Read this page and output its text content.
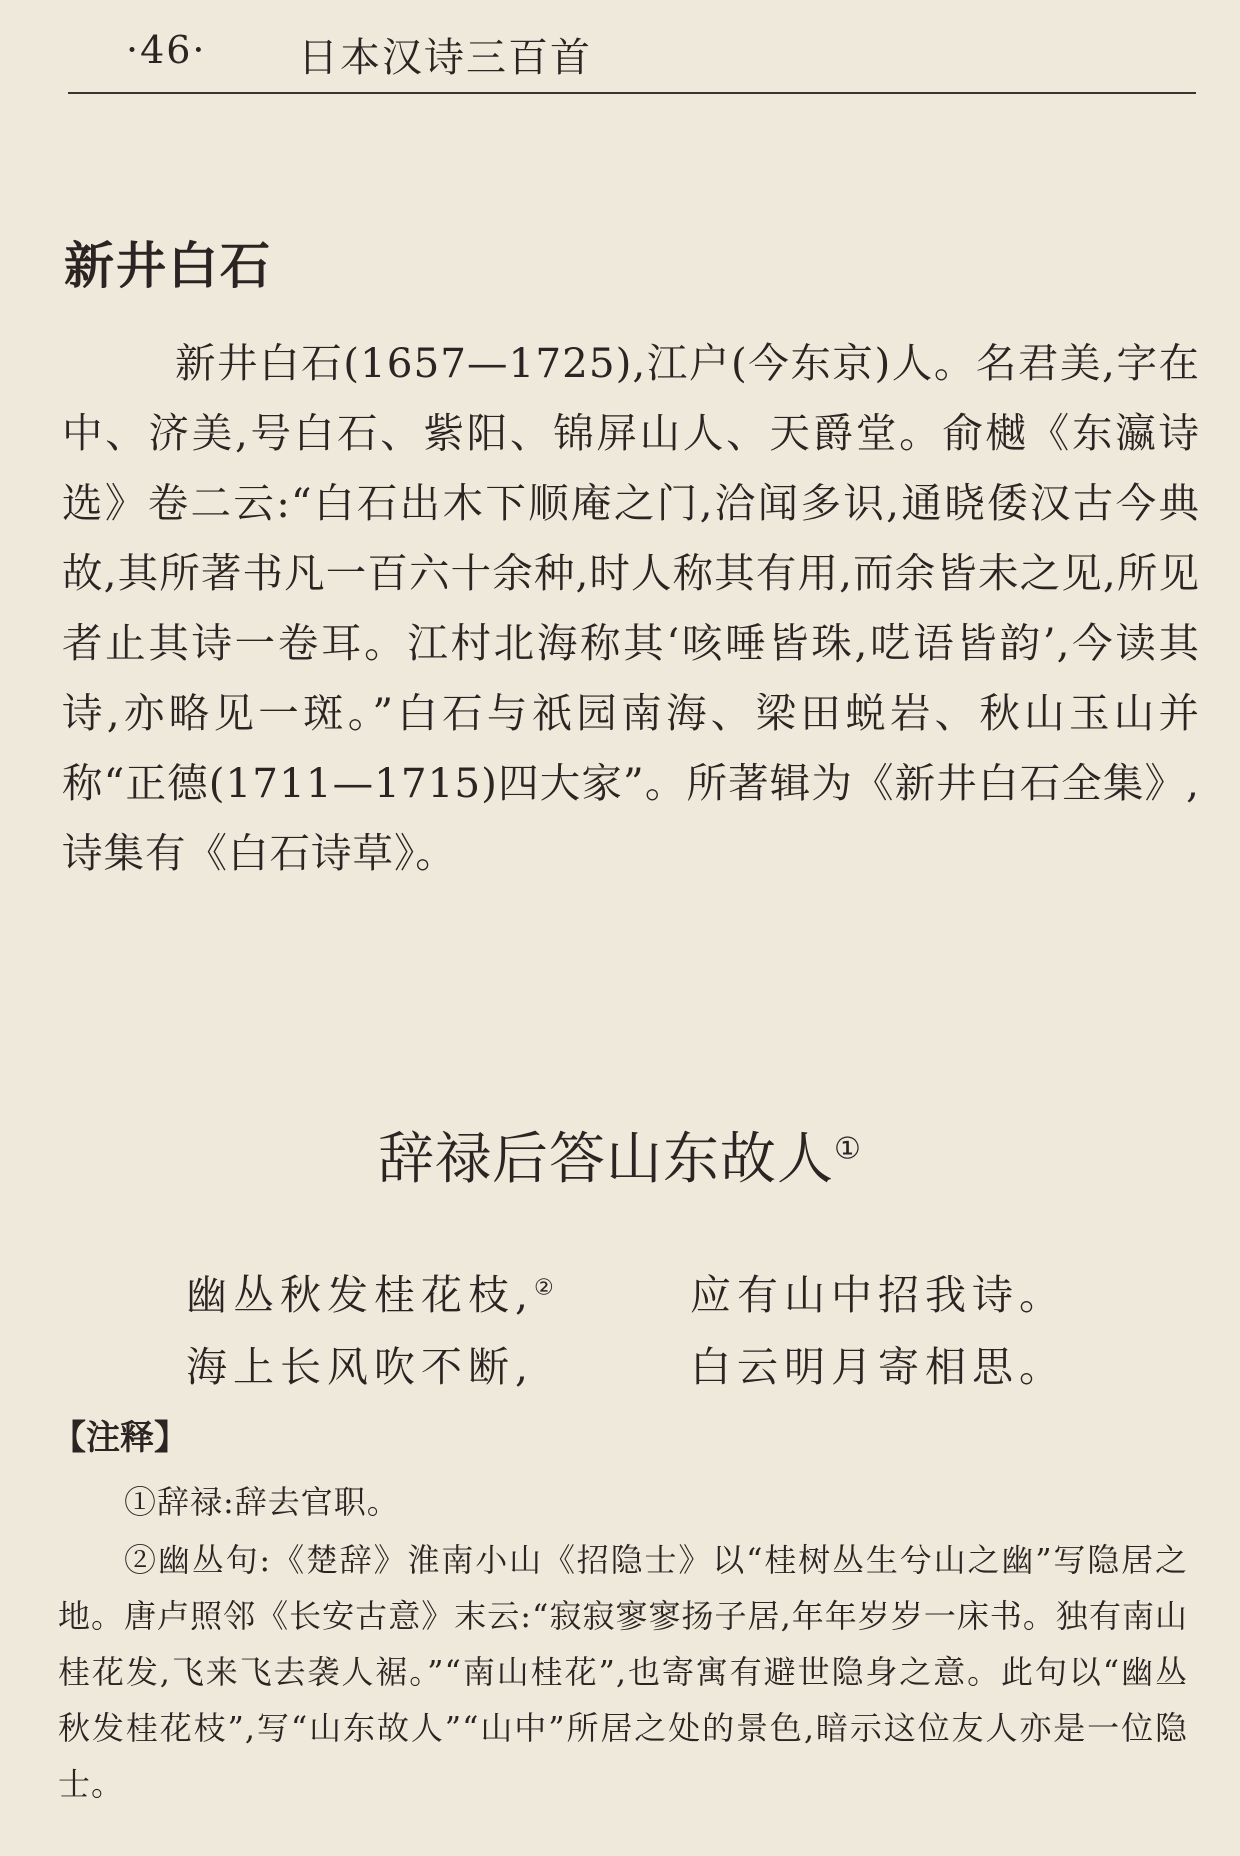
·46· 日本汉诗三百首
新井白石

新井白石(1657—1725),江户(今东京)人。名君美,字在中、济美,号白石、紫阳、锦屏山人、天爵堂。俞樾《东瀛诗选》卷二云:“白石出木下顺庵之门,洽闻多识,通晓倭汉古今典故,其所著书凡一百六十余种,时人称其有用,而余皆未之见,所见者止其诗一卷耳。江村北海称其‘咳唾皆珠,呓语皆韵’,今读其诗,亦略见一斑。”白石与祇园南海、梁田蜕岩、秋山玉山并称“正德(1711—1715)四大家”。所著辑为《新井白石全集》,诗集有《白石诗草》。

辞禄后答山东故人①
幽丛秋发桂花枝,②	应有山中招我诗。
海上长风吹不断,	白云明月寄相思。
【注释】

①辞禄:辞去官职。

②幽丛句:《楚辞》淮南小山《招隐士》以“桂树丛生兮山之幽”写隐居之地。唐卢照邻《长安古意》末云:“寂寂寥寥扬子居,年年岁岁一床书。独有南山桂花发,飞来飞去袭人裾。”“南山桂花”,也寄寓有避世隐身之意。此句以“幽丛秋发桂花枝”,写“山东故人”“山中”所居之处的景色,暗示这位友人亦是一位隐士。
